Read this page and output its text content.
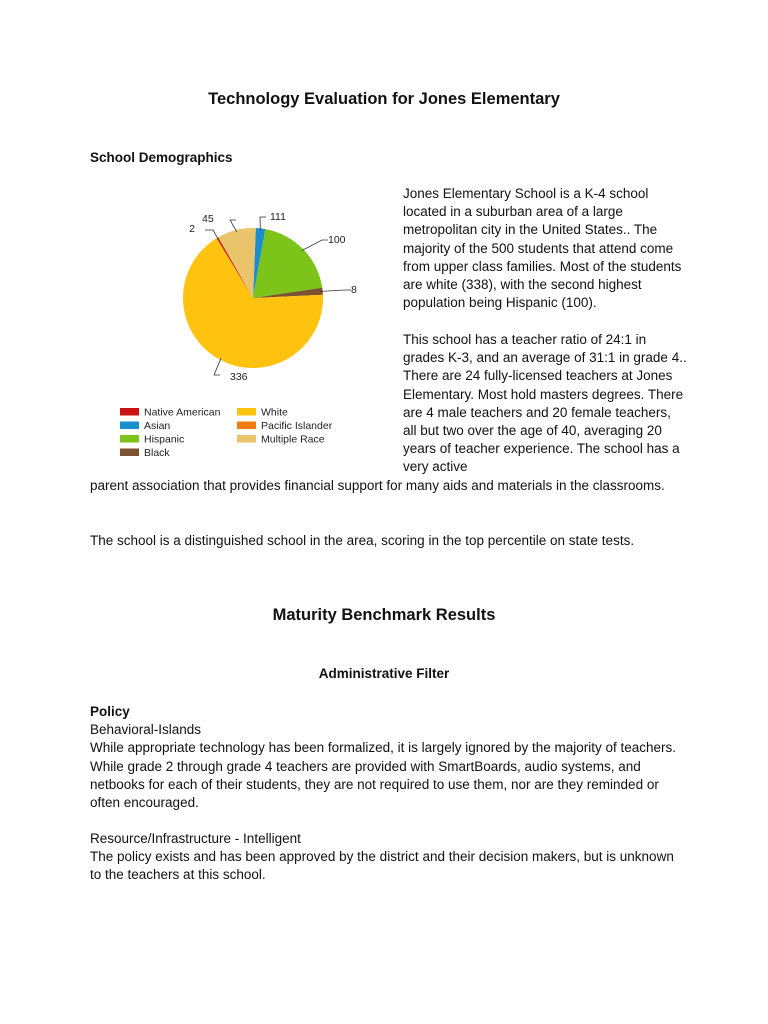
Technology Evaluation for Jones Elementary
School Demographics
111
100
8
336
2
45
Native American	White
Asian	Pacific Islander
Hispanic	Multiple Race
Black

Jones Elementary School is a K-4 school located in a suburban area of a large metropolitan city in the United States.. The majority of the 500 students that attend come from upper class families. Most of the students are white (338), with the second highest population being Hispanic (100).

This school has a teacher ratio of 24:1 in grades K-3, and an average of 31:1 in grade 4.. There are 24 fully-licensed teachers at Jones Elementary. Most hold masters degrees. There are 4 male teachers and 20 female teachers, all but two over the age of 40, averaging 20 years of teacher experience. The school has a very active

parent association that provides financial support for many aids and materials in the classrooms.

The school is a distinguished school in the area, scoring in the top percentile on state tests.

Maturity Benchmark Results
Administrative Filter
Policy
Behavioral-Islands
While appropriate technology has been formalized, it is largely ignored by the majority of teachers. While grade 2 through grade 4 teachers are provided with SmartBoards, audio systems, and netbooks for each of their students, they are not required to use them, nor are they reminded or often encouraged.
Resource/Infrastructure - Intelligent
The policy exists and has been approved by the district and their decision makers, but is unknown to the teachers at this school.
